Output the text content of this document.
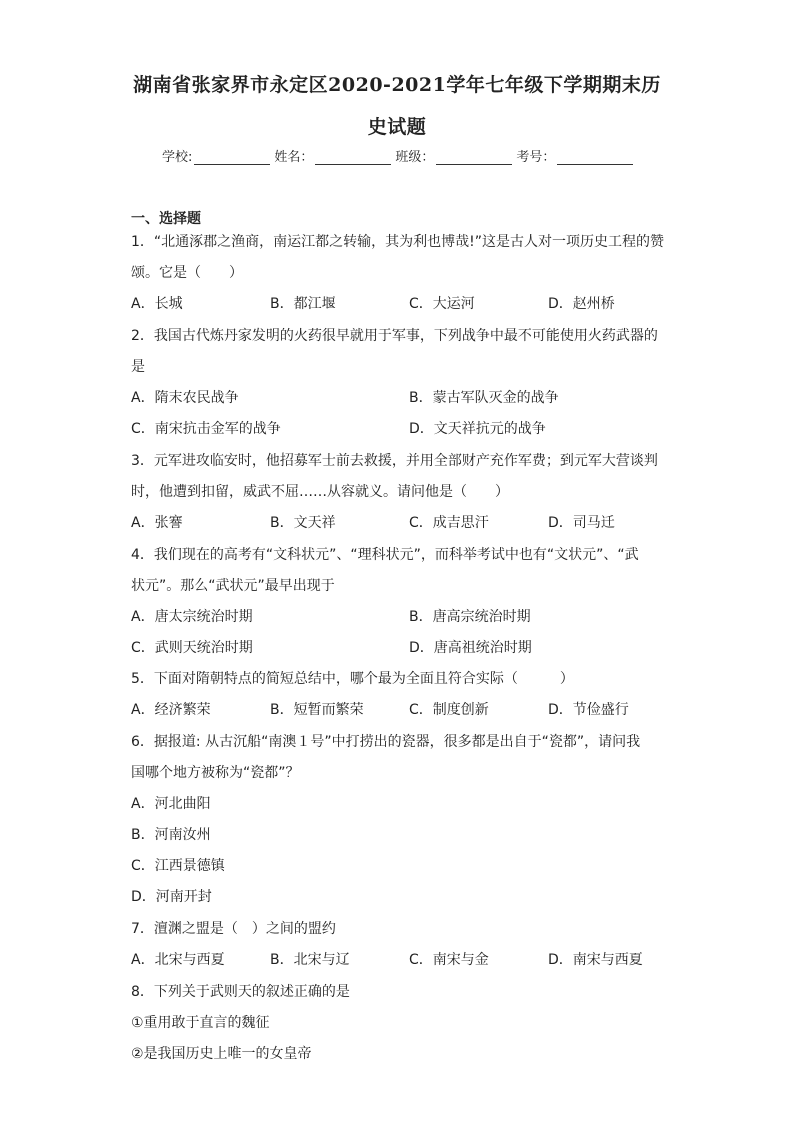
湖南省张家界市永定区2020-2021学年七年级下学期期末历
史试题
学校:	姓名：	班级：	考号：
一、选择题
1．“北通涿郡之渔商，南运江都之转输，其为利也博哉!”这是古人对一项历史工程的赞
颂。它是（　　）
A．长城	B．都江堰	C．大运河	D．赵州桥
2．我国古代炼丹家发明的火药很早就用于军事，下列战争中最不可能使用火药武器的
是
A．隋末农民战争	B．蒙古军队灭金的战争
C．南宋抗击金军的战争	D．文天祥抗元的战争
3．元军进攻临安时，他招募军士前去救援，并用全部财产充作军费；到元军大营谈判
时，他遭到扣留，威武不屈……从容就义。请问他是（　　）
A．张謇	B．文天祥	C．成吉思汗	D．司马迁
4．我们现在的高考有“文科状元”、“理科状元”，而科举考试中也有“文状元”、“武
状元”。那么“武状元”最早出现于
A．唐太宗统治时期	B．唐高宗统治时期
C．武则天统治时期	D．唐高祖统治时期
5．下面对隋朝特点的简短总结中，哪个最为全面且符合实际（　　　）
A．经济繁荣	B．短暂而繁荣	C．制度创新	D．节俭盛行
6．据报道: 从古沉船“南澳１号”中打捞出的瓷器，很多都是出自于“瓷都”，请问我
国哪个地方被称为“瓷都”？
A．河北曲阳
B．河南汝州
C．江西景德镇
D．河南开封
7．澶渊之盟是（　）之间的盟约
A．北宋与西夏	B．北宋与辽	C．南宋与金	D．南宋与西夏
8．下列关于武则天的叙述正确的是
①重用敢于直言的魏征
②是我国历史上唯一的女皇帝
